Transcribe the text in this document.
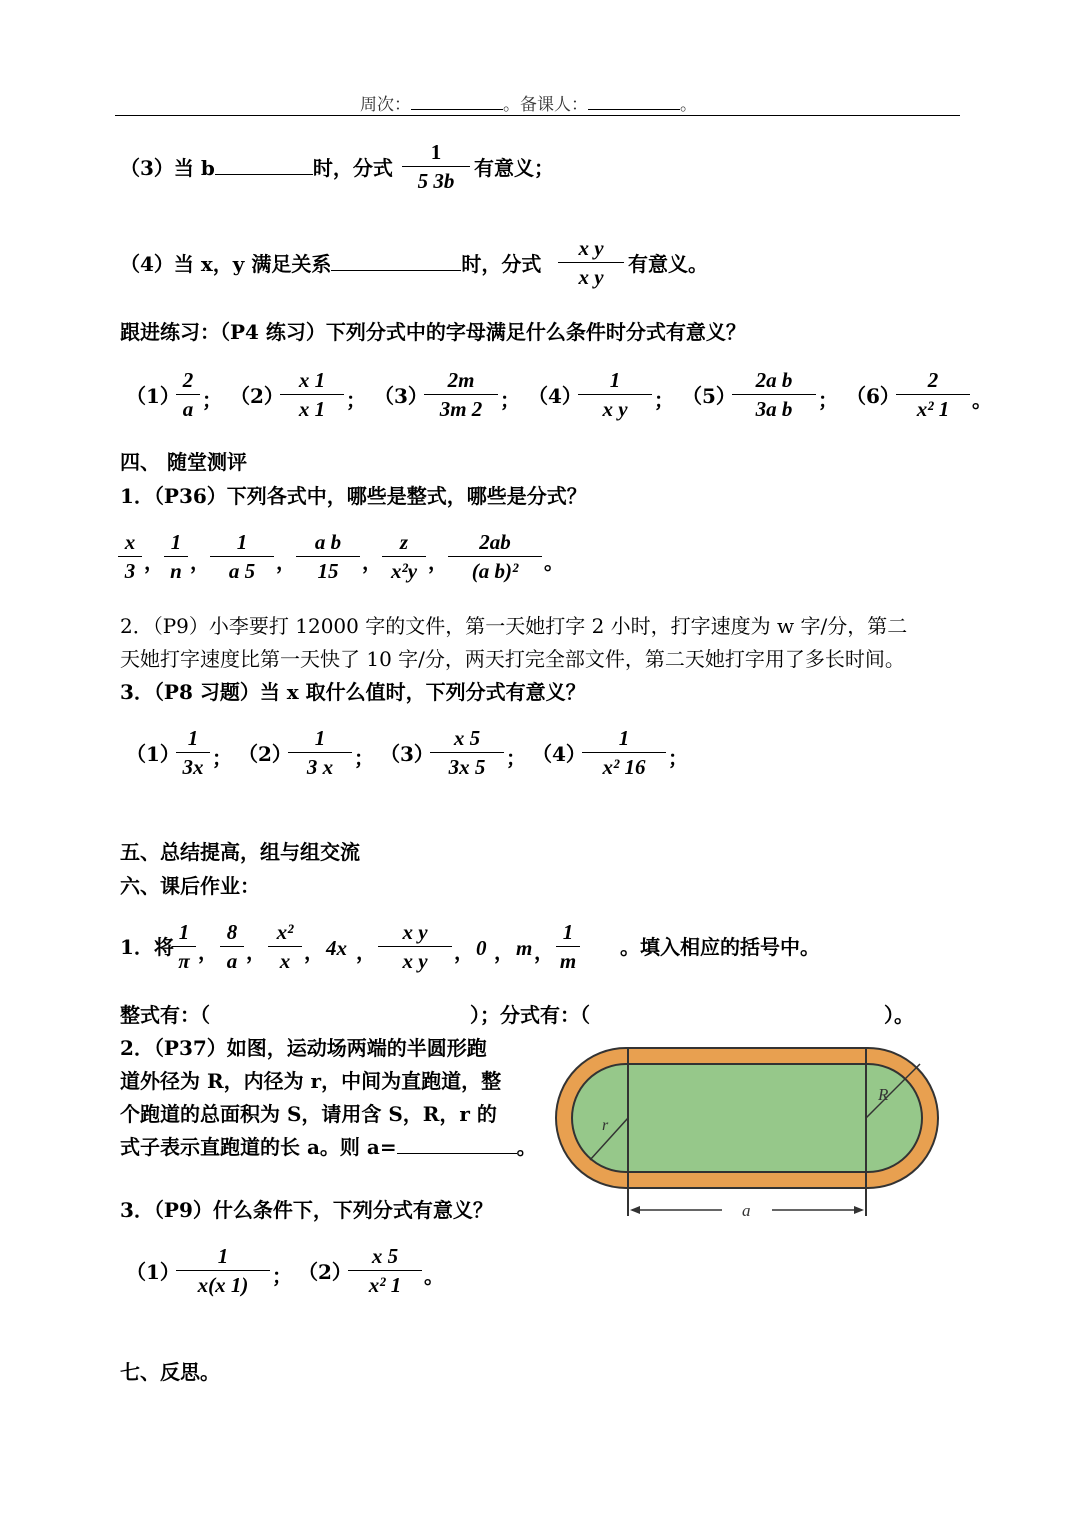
周次：	。备课人：	。
（3）当 b	时，分式
1
5 3b
有意义；
（4）当 x，y 满足关系	时，分式
x y
x y
有意义。
跟进练习：（P4 练习）下列分式中的字母满足什么条件时分式有意义？
（1）
2
a ； （2）
x 1
x 1	； （3）
2m
3m 2 ； （4）
1
x y	； （5）
2a b
3a b	； （6）
2
x² 1	。
四、 随堂测评
1．（P36）下列各式中，哪些是整式，哪些是分式？
x
3 ，
1
n ，
1
a 5	，
a b
15	，
z
x²y ，
2ab
(a b)²	。
2．（P9）小李要打 12000 字的文件，第一天她打字 2 小时，打字速度为 w 字/分，第二
天她打字速度比第一天快了 10 字/分，两天打完全部文件，第二天她打字用了多长时间。
3．（P8 习题）当 x 取什么值时，下列分式有意义？
（1）
1
3x ； （2）
1
3 x	； （3）
x 5
3x 5	； （4）
1
x² 16	；
五、总结提高，组与组交流
六、课后作业：
1．将
1
π ，
8
a ，
x²
x ， 4x ，
x y
x y	， 0 ， m ，
1
m
。填入相应的括号中。
整式有：（	）；分式有：（	）。
2．（P37）如图，运动场两端的半圆形跑
道外径为 R，内径为 r，中间为直跑道，整
个跑道的总面积为 S，请用含 S，R，r 的
式子表示直跑道的长 a。则 a=	。
r
R
a
3．（P9）什么条件下，下列分式有意义？
（1）
1
x(x 1)	； （2）
x 5
x² 1	。
七、反思。
